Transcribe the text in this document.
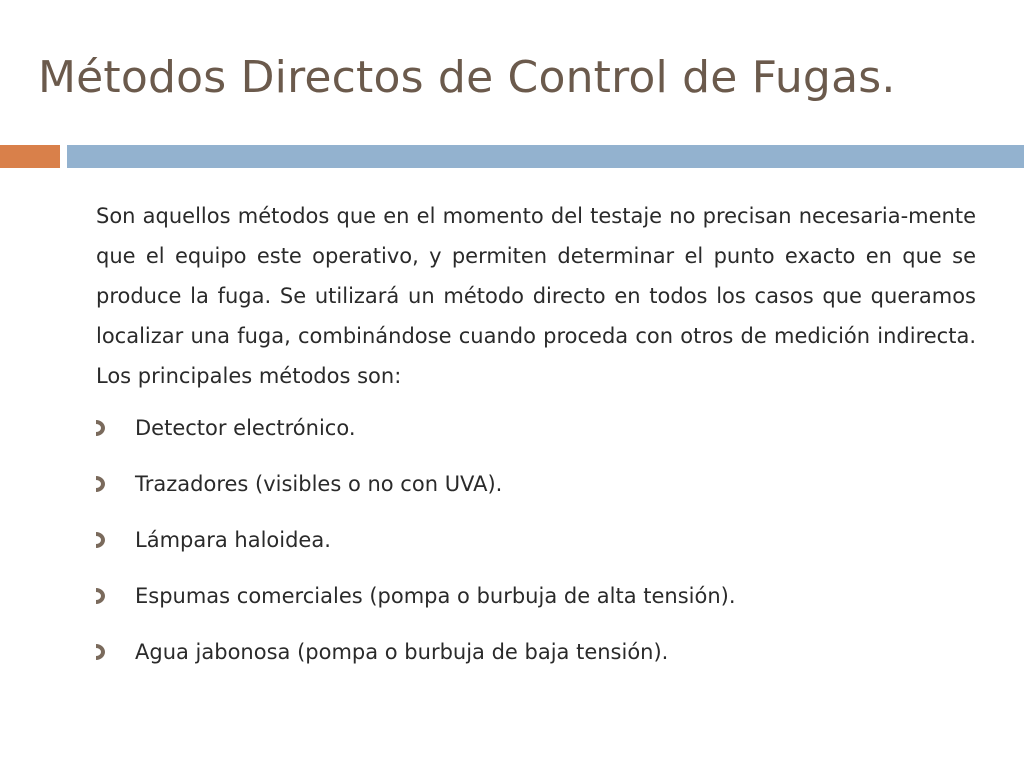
Métodos Directos de Control de Fugas.

Son aquellos métodos que en el momento del testaje no precisan necesaria-mente que el equipo este operativo, y permiten determinar el punto exacto en que se produce la fuga. Se utilizará un método directo en todos los casos que queramos localizar una fuga, combinándose cuando proceda con otros de medición indirecta. Los principales métodos son:

Detector electrónico.
Trazadores (visibles o no con UVA).
Lámpara haloidea.
Espumas comerciales (pompa o burbuja de alta tensión).
Agua jabonosa (pompa o burbuja de baja tensión).
